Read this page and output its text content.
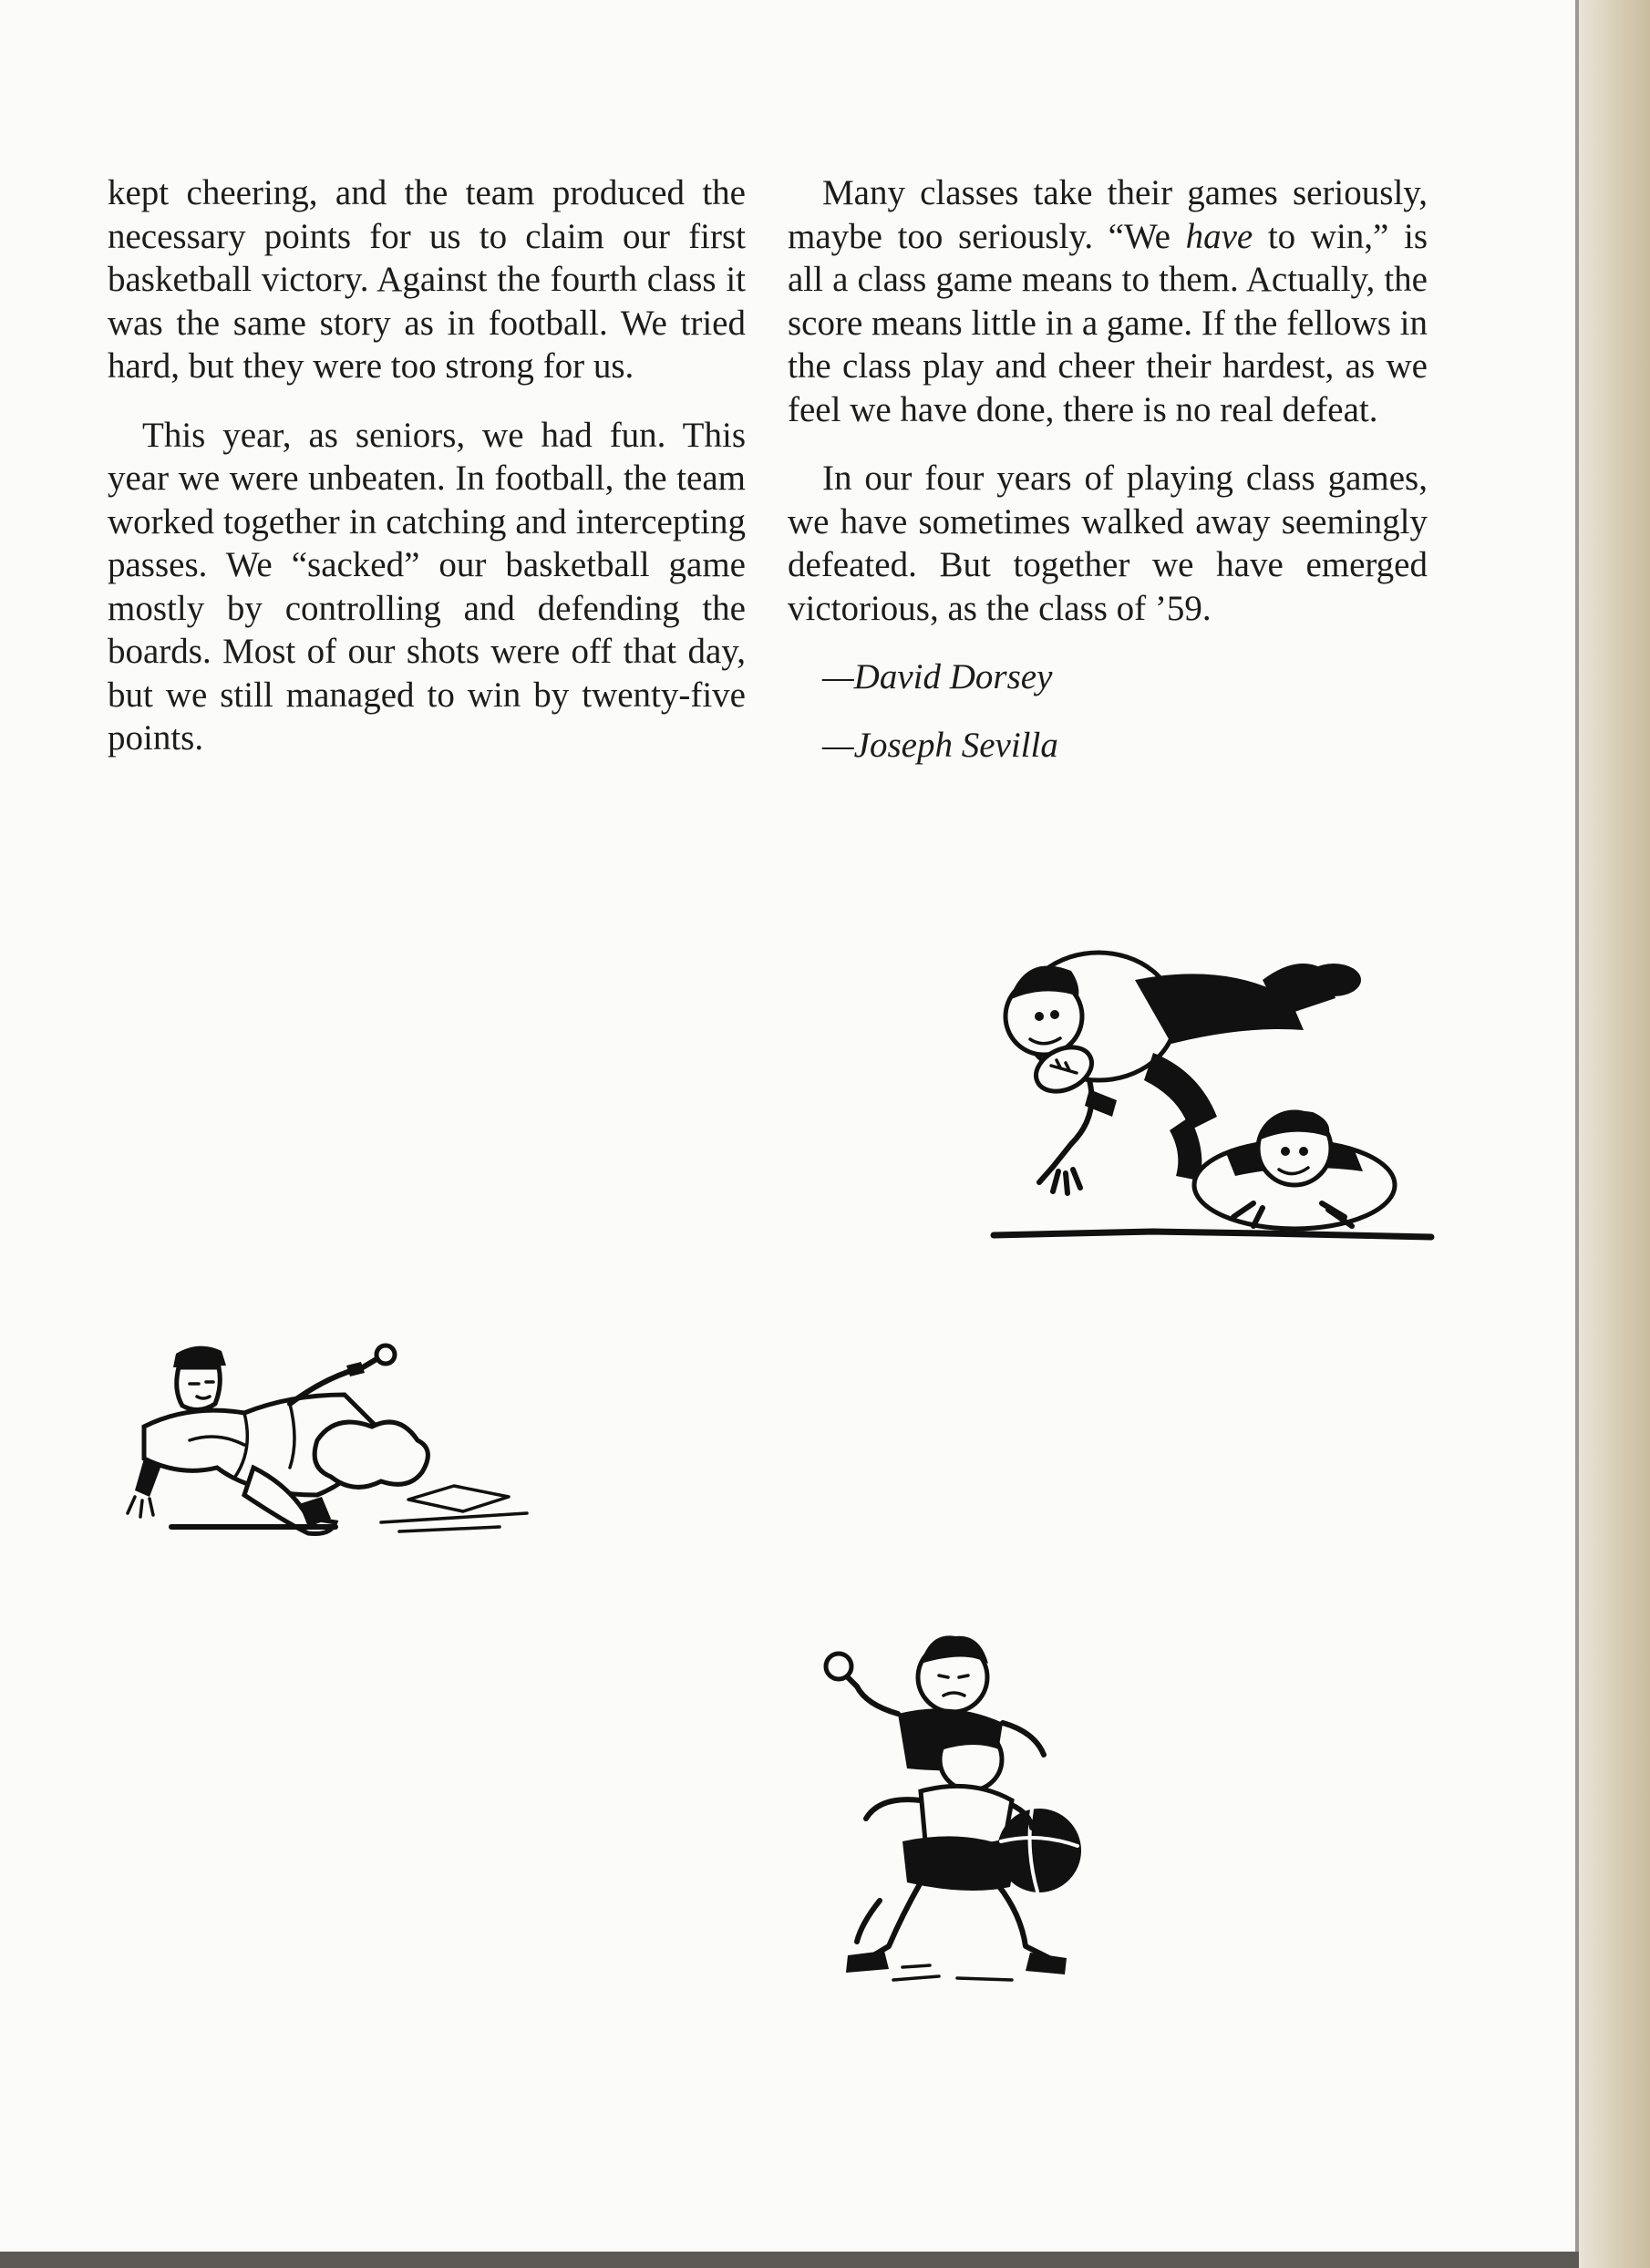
kept cheering, and the team produced the necessary points for us to claim our first basketball victory. Against the fourth class it was the same story as in football. We tried hard, but they were too strong for us.

This year, as seniors, we had fun. This year we were unbeaten. In football, the team worked together in catching and intercepting passes. We “sacked” our basketball game mostly by controlling and defending the boards. Most of our shots were off that day, but we still managed to win by twenty-five points.

Many classes take their games seriously, maybe too seriously. “We have to win,” is all a class game means to them. Actually, the score means little in a game. If the fellows in the class play and cheer their hardest, as we feel we have done, there is no real defeat.

In our four years of playing class games, we have sometimes walked away seemingly defeated. But together we have emerged victorious, as the class of ’59.

—David Dorsey

—Joseph Sevilla
